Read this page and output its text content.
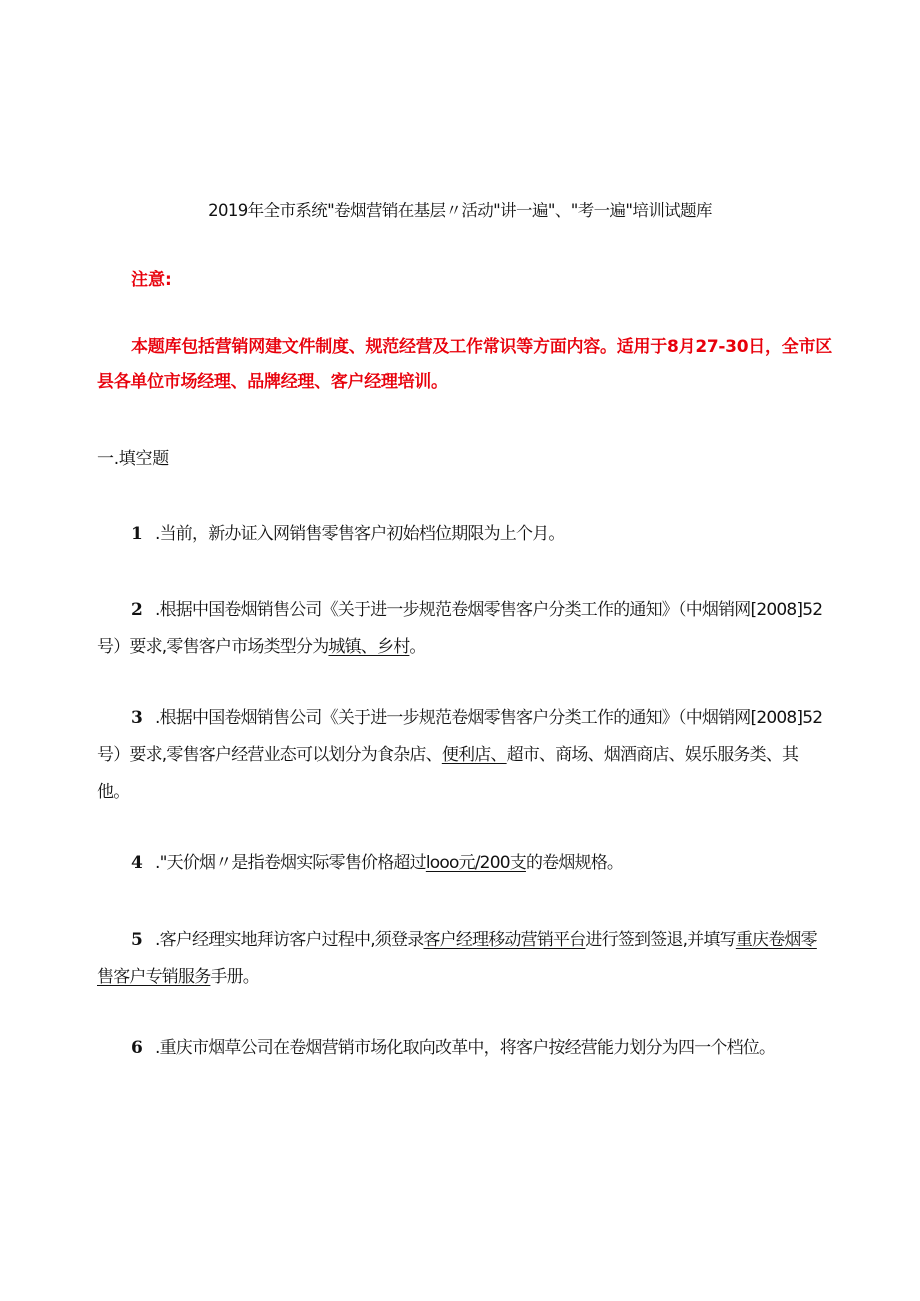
2019年全市系统"卷烟营销在基层〃活动"讲一遍"、"考一遍"培训试题库
注意:
本题库包括营销网建文件制度、规范经营及工作常识等方面内容。适用于8月27-30日，全市区县各单位市场经理、品牌经理、客户经理培训。
一.填空题
1 .当前，新办证入网销售零售客户初始档位期限为上个月。
2 .根据中国卷烟销售公司《关于进一步规范卷烟零售客户分类工作的通知》（中烟销网[2008]52号）要求,零售客户市场类型分为城镇、乡村。
3 .根据中国卷烟销售公司《关于进一步规范卷烟零售客户分类工作的通知》（中烟销网[2008]52号）要求,零售客户经营业态可以划分为食杂店、便利店、超市、商场、烟酒商店、娱乐服务类、其他。
4 ."天价烟〃是指卷烟实际零售价格超过looo元/200支的卷烟规格。
5 .客户经理实地拜访客户过程中,须登录客户经理移动营销平台进行签到签退,并填写重庆卷烟零售客户专销服务手册。
6 .重庆市烟草公司在卷烟营销市场化取向改革中，将客户按经营能力划分为四一个档位。
